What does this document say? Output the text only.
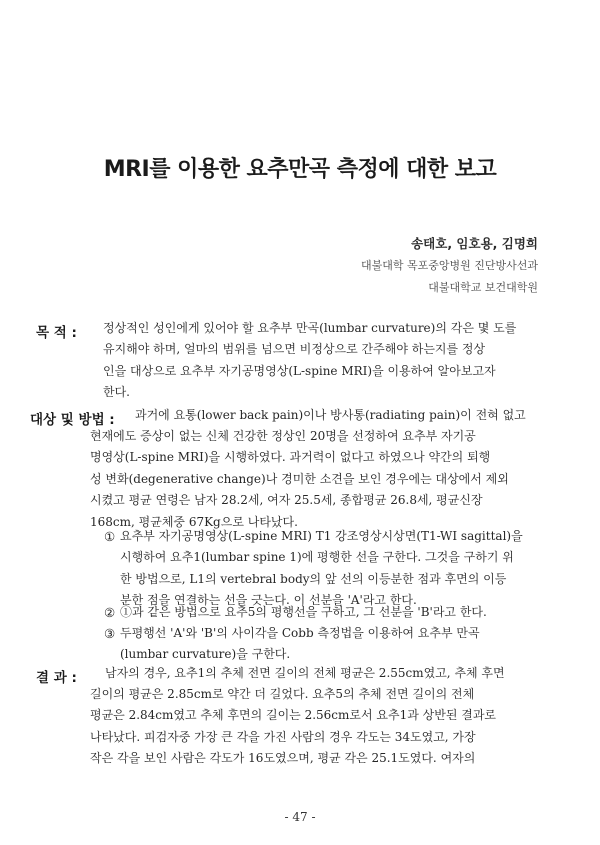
MRI를 이용한 요추만곡 측정에 대한 보고
송태호, 임호용, 김명희
대불대학 목포중앙병원 진단방사선과
대불대학교 보건대학원
목 적 : 정상적인 성인에게 있어야 할 요추부 만곡(lumbar curvature)의 각은 몇 도를
유지해야 하며, 얼마의 범위를 넘으면 비정상으로 간주해야 하는지를 정상
인을 대상으로 요추부 자기공명영상(L-spine MRI)을 이용하여 알아보고자
한다.
대상 및 방법 : 과거에 요통(lower back pain)이나 방사통(radiating pain)이 전혀 없고
현재에도 증상이 없는 신체 건강한 정상인 20명을 선정하여 요추부 자기공
명영상(L-spine MRI)을 시행하였다. 과거력이 없다고 하였으나 약간의 퇴행
성 변화(degenerative change)나 경미한 소견을 보인 경우에는 대상에서 제외
시켰고 평균 연령은 남자 28.2세, 여자 25.5세, 종합평균 26.8세, 평균신장
168cm, 평균체중 67Kg으로 나타났다.
① 요추부 자기공명영상(L-spine MRI) T1 강조영상시상면(T1-WI sagittal)을
시행하여 요추1(lumbar spine 1)에 평행한 선을 구한다. 그것을 구하기 위
한 방법으로, L1의 vertebral body의 앞 선의 이등분한 점과 후면의 이등
분한 점을 연결하는 선을 긋는다. 이 선분을 'A'라고 한다.
② ①과 같은 방법으로 요추5의 평행선을 구하고, 그 선분을 'B'라고 한다.
③ 두평행선 'A'와 'B'의 사이각을 Cobb 측정법을 이용하여 요추부 만곡
(lumbar curvature)을 구한다.
결 과 : 남자의 경우, 요추1의 추체 전면 길이의 전체 평균은 2.55cm였고, 추체 후면
길이의 평균은 2.85cm로 약간 더 길었다. 요추5의 추체 전면 길이의 전체
평균은 2.84cm였고 추체 후면의 길이는 2.56cm로서 요추1과 상반된 결과로
나타났다. 피검자중 가장 큰 각을 가진 사람의 경우 각도는 34도였고, 가장
작은 각을 보인 사람은 각도가 16도였으며, 평균 각은 25.1도였다. 여자의
- 47 -
